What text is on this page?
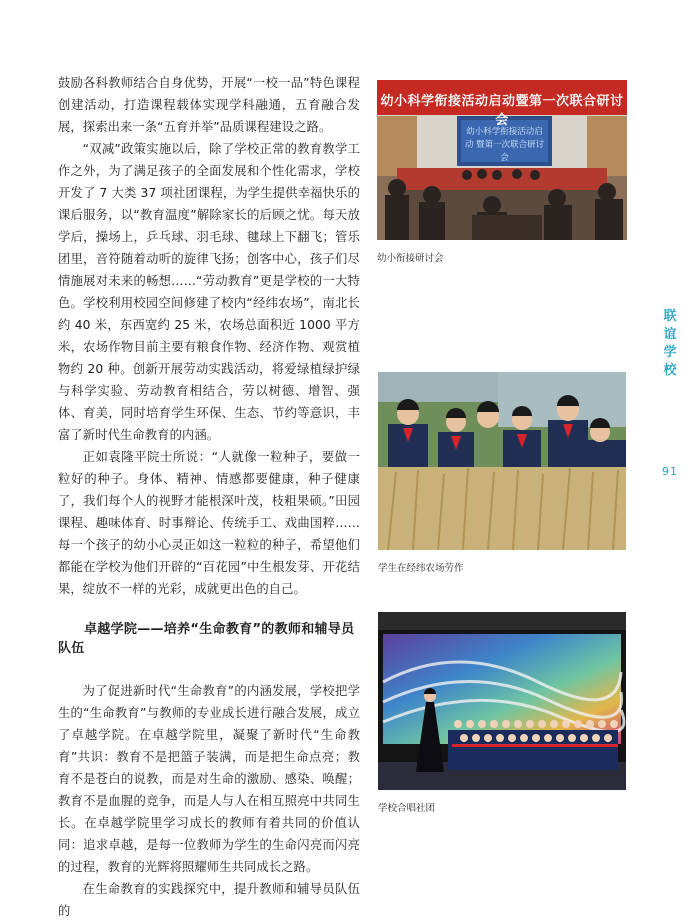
鼓励各科教师结合自身优势，开展“一校一品”特色课程创建活动，打造课程载体实现学科融通，五育融合发展，探索出来一条“五育并举”品质课程建设之路。

“双减”政策实施以后，除了学校正常的教育教学工作之外，为了满足孩子的全面发展和个性化需求，学校开发了 7 大类 37 项社团课程，为学生提供幸福快乐的课后服务，以“教育温度”解除家长的后顾之忧。每天放学后，操场上，乒乓球、羽毛球、毽球上下翻飞；管乐团里，音符随着动听的旋律飞扬；创客中心，孩子们尽情施展对未来的畅想……“劳动教育”更是学校的一大特色。学校利用校园空间修建了校内“经纬农场”，南北长约 40 米，东西宽约 25 米，农场总面积近 1000 平方米，农场作物目前主要有粮食作物、经济作物、观赏植物约 20 种。创新开展劳动实践活动，将爱绿植绿护绿与科学实验、劳动教育相结合，劳以树德、增智、强体、育美，同时培育学生环保、生态、节约等意识，丰富了新时代生命教育的内涵。

正如袁隆平院士所说：“人就像一粒种子，要做一粒好的种子。身体、精神、情感都要健康，种子健康了，我们每个人的视野才能根深叶茂，枝粗果硕。”田园课程、趣味体育、时事辩论、传统手工、戏曲国粹……每一个孩子的幼小心灵正如这一粒粒的种子，希望他们都能在学校为他们开辟的“百花园”中生根发芽、开花结果，绽放不一样的光彩，成就更出色的自己。

卓越学院——培养“生命教育”的教师和辅导员队伍

为了促进新时代“生命教育”的内涵发展，学校把学生的“生命教育”与教师的专业成长进行融合发展，成立了卓越学院。在卓越学院里，凝聚了新时代“生命教育”共识：教育不是把篮子装满，而是把生命点亮；教育不是苍白的说教，而是对生命的激励、感染、唤醒；教育不是血腥的竞争，而是人与人在相互照亮中共同生长。在卓越学院里学习成长的教师有着共同的价值认同：追求卓越，是每一位教师为学生的生命闪亮而闪亮的过程，教育的光辉将照耀师生共同成长之路。

在生命教育的实践探究中，提升教师和辅导员队伍的

幼小科学衔接活动启动暨第一次联合研讨会
幼小科学衔接活动启动 暨第一次联合研讨会
幼小衔接研讨会
学生在经纬农场劳作
学校合唱社团
联
谊
学
校
91
